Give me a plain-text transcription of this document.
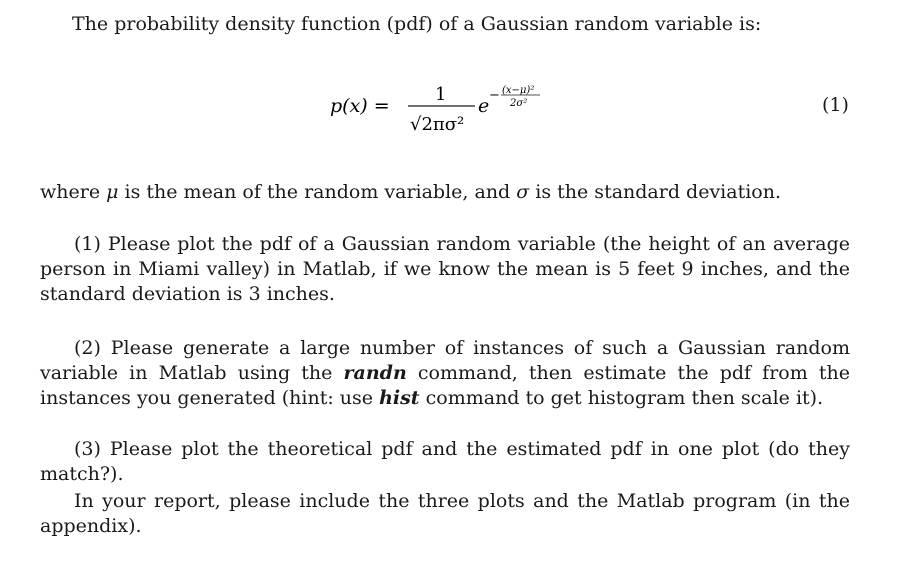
The probability density function (pdf) of a Gaussian random variable is:

p(x) =
1
√2πσ²
e − (x−μ)²
2σ²	(1)

where μ is the mean of the random variable, and σ is the standard deviation.

(1) Please plot the pdf of a Gaussian random variable (the height of an average person in Miami valley) in Matlab, if we know the mean is 5 feet 9 inches, and the standard deviation is 3 inches.

(2) Please generate a large number of instances of such a Gaussian random variable in Matlab using the randn command, then estimate the pdf from the instances you generated (hint: use hist command to get histogram then scale it).

(3) Please plot the theoretical pdf and the estimated pdf in one plot (do they match?).

In your report, please include the three plots and the Matlab program (in the appendix).
